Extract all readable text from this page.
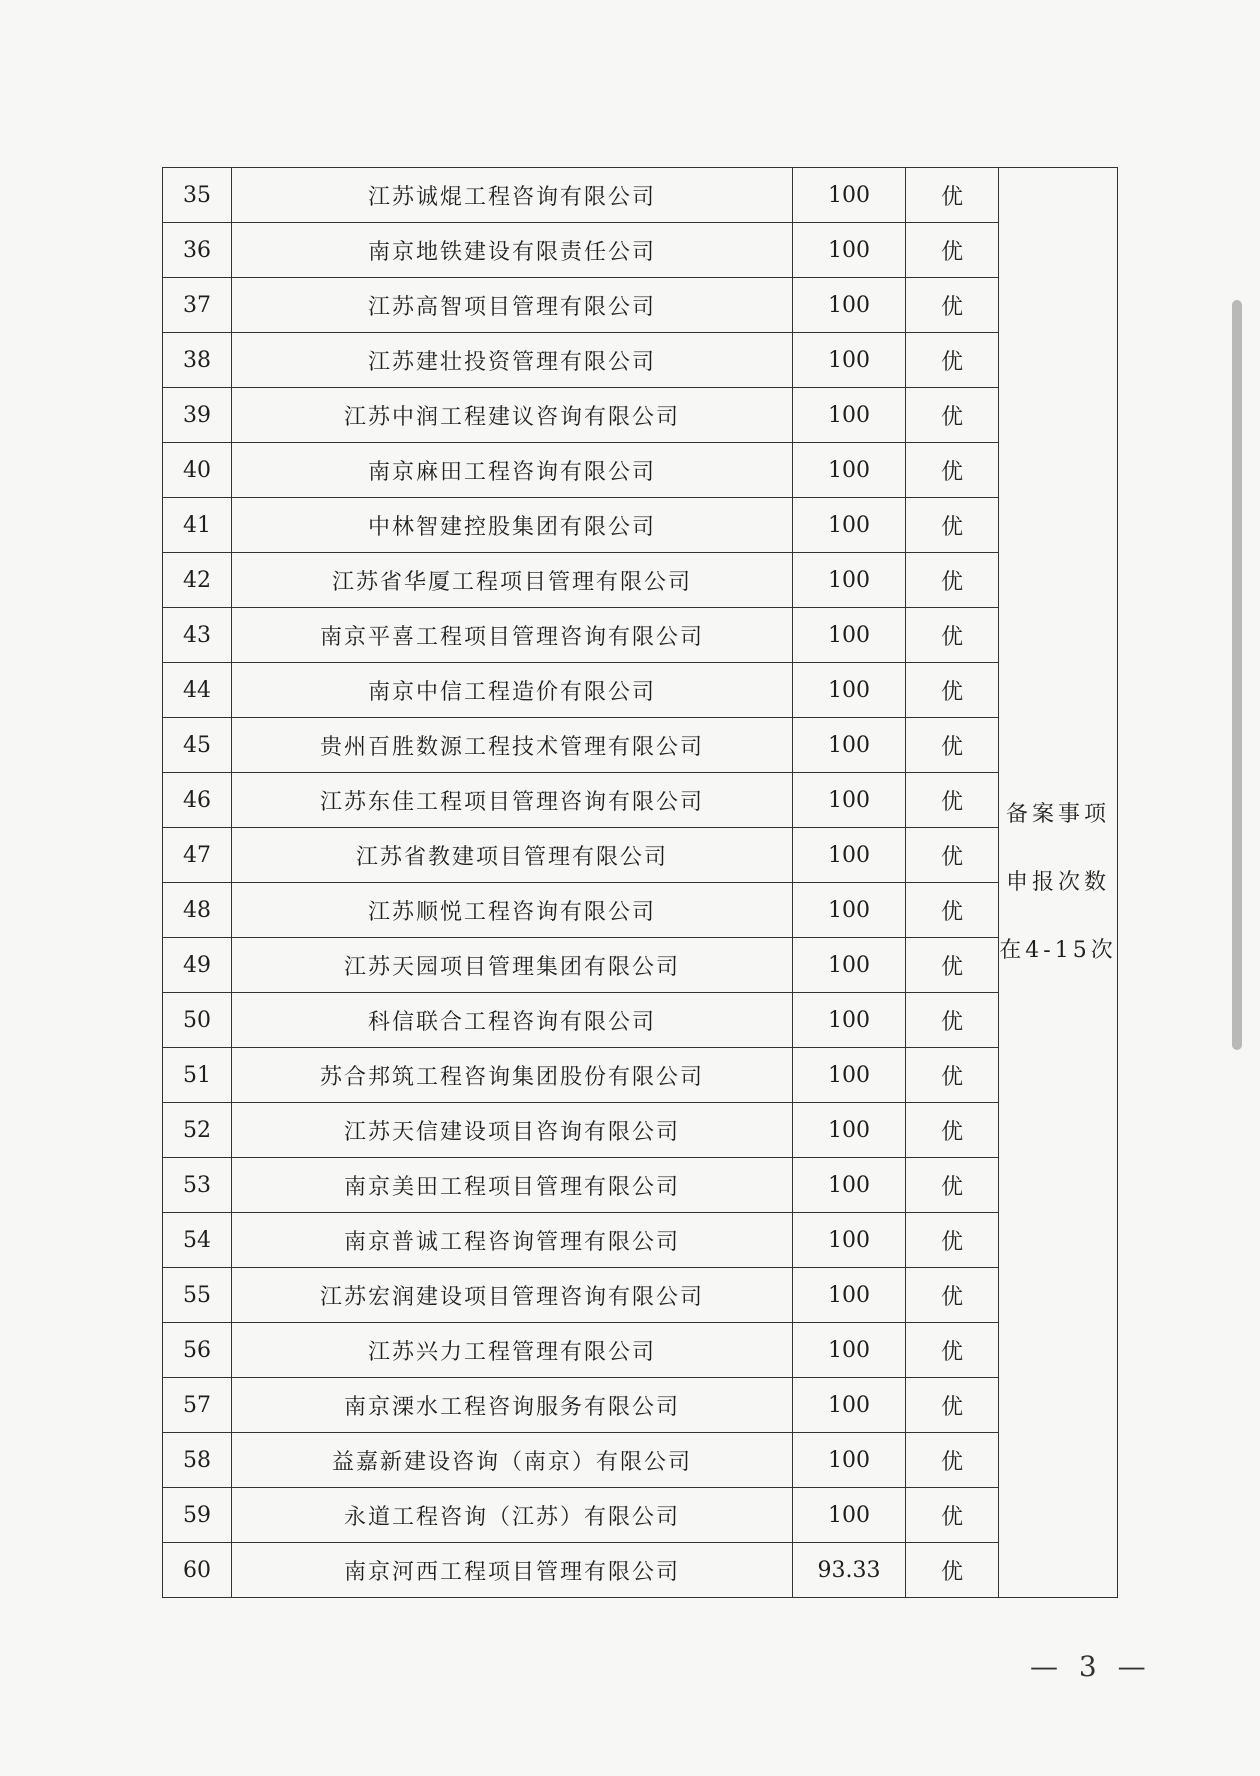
35	江苏诚焜工程咨询有限公司	100	优	备案事项
申报次数
在4-15次

36	南京地铁建设有限责任公司	100	优	
37	江苏高智项目管理有限公司	100	优	
38	江苏建壮投资管理有限公司	100	优	
39	江苏中润工程建议咨询有限公司	100	优	
40	南京麻田工程咨询有限公司	100	优	
41	中林智建控股集团有限公司	100	优	
42	江苏省华厦工程项目管理有限公司	100	优	
43	南京平喜工程项目管理咨询有限公司	100	优	
44	南京中信工程造价有限公司	100	优	
45	贵州百胜数源工程技术管理有限公司	100	优	
46	江苏东佳工程项目管理咨询有限公司	100	优	
47	江苏省教建项目管理有限公司	100	优	
48	江苏顺悦工程咨询有限公司	100	优	
49	江苏天园项目管理集团有限公司	100	优	
50	科信联合工程咨询有限公司	100	优	
51	苏合邦筑工程咨询集团股份有限公司	100	优	
52	江苏天信建设项目咨询有限公司	100	优	
53	南京美田工程项目管理有限公司	100	优	
54	南京普诚工程咨询管理有限公司	100	优	
55	江苏宏润建设项目管理咨询有限公司	100	优	
56	江苏兴力工程管理有限公司	100	优	
57	南京溧水工程咨询服务有限公司	100	优	
58	益嘉新建设咨询（南京）有限公司	100	优	
59	永道工程咨询（江苏）有限公司	100	优	
60	南京河西工程项目管理有限公司	93.33	优	
— 3 —
